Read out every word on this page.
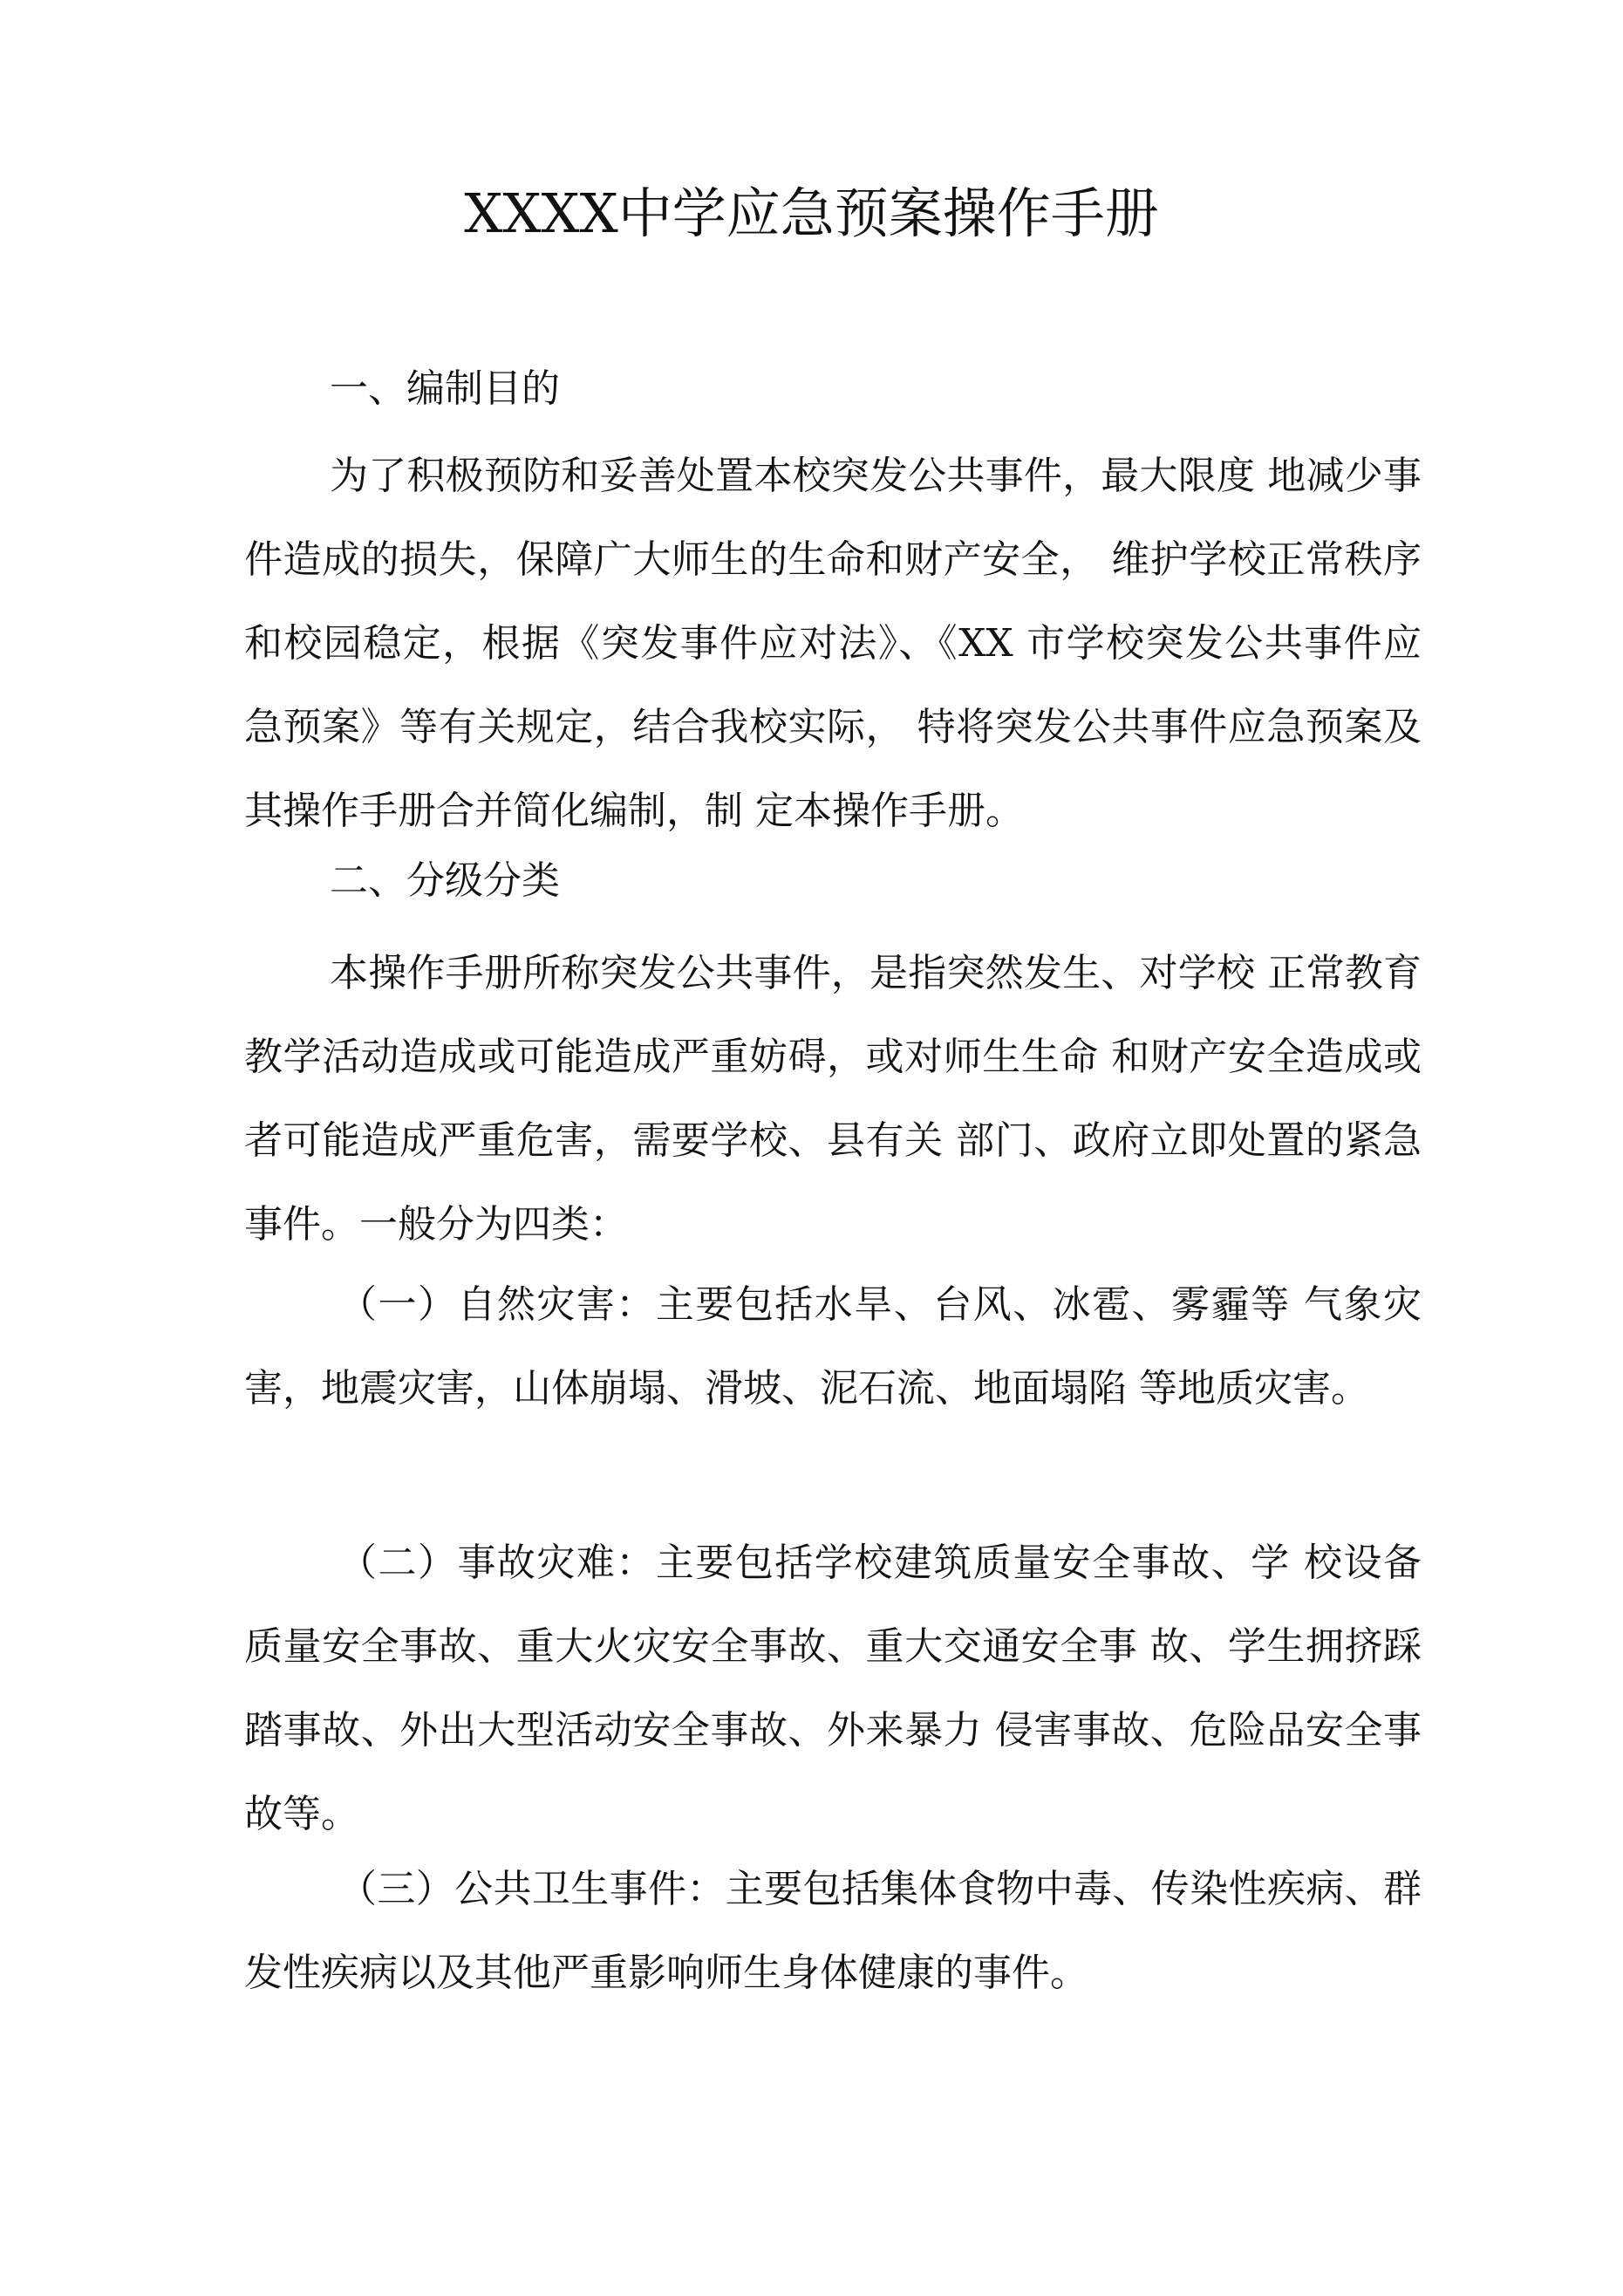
XXXX中学应急预案操作手册
一、编制目的

为了积极预防和妥善处置本校突发公共事件，最大限度 地减少事件造成的损失，保障广大师生的生命和财产安全， 维护学校正常秩序和校园稳定，根据《突发事件应对法》、《XX 市学校突发公共事件应急预案》等有关规定，结合我校实际， 特将突发公共事件应急预案及其操作手册合并简化编制，制 定本操作手册。

二、分级分类

本操作手册所称突发公共事件，是指突然发生、对学校 正常教育教学活动造成或可能造成严重妨碍，或对师生生命 和财产安全造成或者可能造成严重危害，需要学校、县有关 部门、政府立即处置的紧急事件。一般分为四类：

（一）自然灾害：主要包括水旱、台风、冰雹、雾霾等 气象灾害，地震灾害，山体崩塌、滑坡、泥石流、地面塌陷 等地质灾害。

（二）事故灾难：主要包括学校建筑质量安全事故、学 校设备质量安全事故、重大火灾安全事故、重大交通安全事 故、学生拥挤踩踏事故、外出大型活动安全事故、外来暴力 侵害事故、危险品安全事故等。

（三）公共卫生事件：主要包括集体食物中毒、传染性疾病、群发性疾病以及其他严重影响师生身体健康的事件。
